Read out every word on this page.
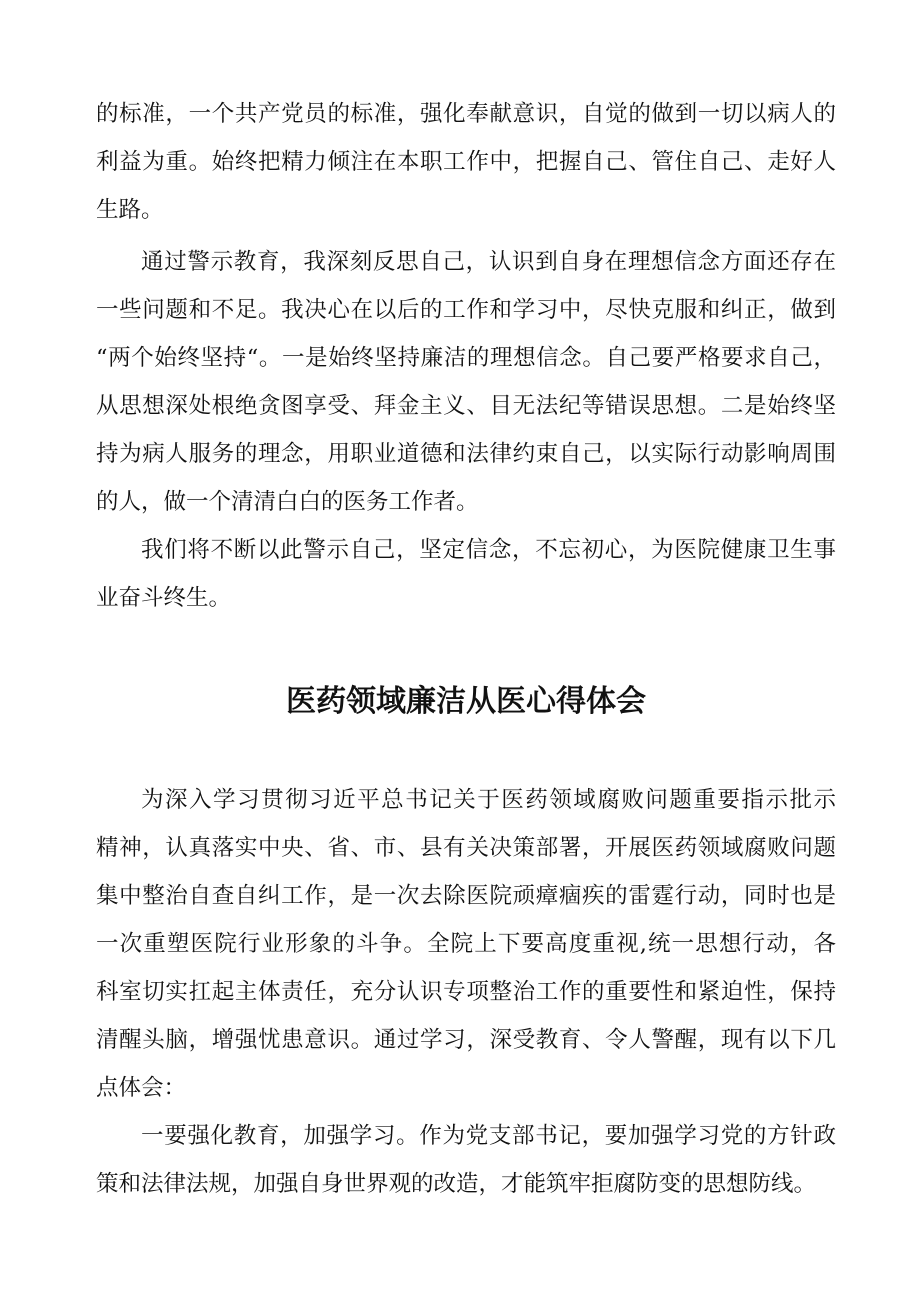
的标准，一个共产党员的标准，强化奉献意识，自觉的做到一切以病人的
利益为重。始终把精力倾注在本职工作中，把握自己、管住自己、走好人
生路。
通过警示教育，我深刻反思自己，认识到自身在理想信念方面还存在
一些问题和不足。我决心在以后的工作和学习中，尽快克服和纠正，做到
“两个始终坚持“。一是始终坚持廉洁的理想信念。自己要严格要求自己，
从思想深处根绝贪图享受、拜金主义、目无法纪等错误思想。二是始终坚
持为病人服务的理念，用职业道德和法律约束自己，以实际行动影响周围
的人，做一个清清白白的医务工作者。
我们将不断以此警示自己，坚定信念，不忘初心，为医院健康卫生事
业奋斗终生。
医药领域廉洁从医心得体会
为深入学习贯彻习近平总书记关于医药领域腐败问题重要指示批示
精神，认真落实中央、省、市、县有关决策部署，开展医药领域腐败问题
集中整治自查自纠工作，是一次去除医院顽瘴痼疾的雷霆行动，同时也是
一次重塑医院行业形象的斗争。全院上下要高度重视,统一思想行动，各
科室切实扛起主体责任，充分认识专项整治工作的重要性和紧迫性，保持
清醒头脑，增强忧患意识。通过学习，深受教育、令人警醒，现有以下几
点体会：
一要强化教育，加强学习。作为党支部书记，要加强学习党的方针政
策和法律法规，加强自身世界观的改造，才能筑牢拒腐防变的思想防线。
